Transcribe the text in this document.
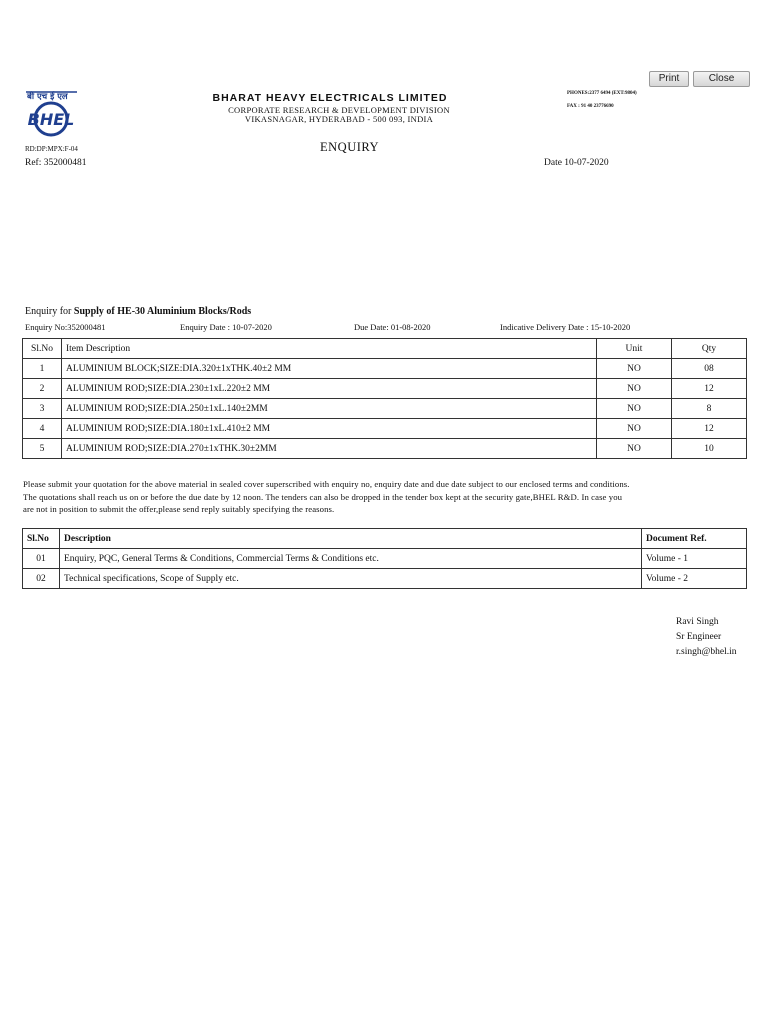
Print	Close
बी एच ई एल
BHEL
BHARAT HEAVY ELECTRICALS LIMITED
CORPORATE RESEARCH & DEVELOPMENT DIVISION
VIKASNAGAR, HYDERABAD - 500 093, INDIA
PHONES:2377 6494 (EXT:9804)
FAX : 91 40 23776690
RD:DP:MPX:F-04	ENQUIRY
Ref: 352000481	Date 10-07-2020
Enquiry for Supply of HE-30 Aluminium Blocks/Rods
Enquiry No:352000481	Enquiry Date : 10-07-2020	Due Date: 01-08-2020	Indicative Delivery Date : 15-10-2020
Sl.No	Item Description	Unit	Qty
1	ALUMINIUM BLOCK;SIZE:DIA.320±1xTHK.40±2 MM	NO	08
2	ALUMINIUM ROD;SIZE:DIA.230±1xL.220±2 MM	NO	12
3	ALUMINIUM ROD;SIZE:DIA.250±1xL.140±2MM	NO	8
4	ALUMINIUM ROD;SIZE:DIA.180±1xL.410±2 MM	NO	12
5	ALUMINIUM ROD;SIZE:DIA.270±1xTHK.30±2MM	NO	10
Please submit your quotation for the above material in sealed cover superscribed with enquiry no, enquiry date and due date subject to our enclosed terms and conditions.
The quotations shall reach us on or before the due date by 12 noon. The tenders can also be dropped in the tender box kept at the security gate,BHEL R&D. In case you
are not in position to submit the offer,please send reply suitably specifying the reasons.
Sl.No	Description	Document Ref.
01	Enquiry, PQC, General Terms & Conditions, Commercial Terms & Conditions etc.	Volume - 1
02	Technical specifications, Scope of Supply etc.	Volume - 2
Ravi Singh
Sr Engineer
r.singh@bhel.in
